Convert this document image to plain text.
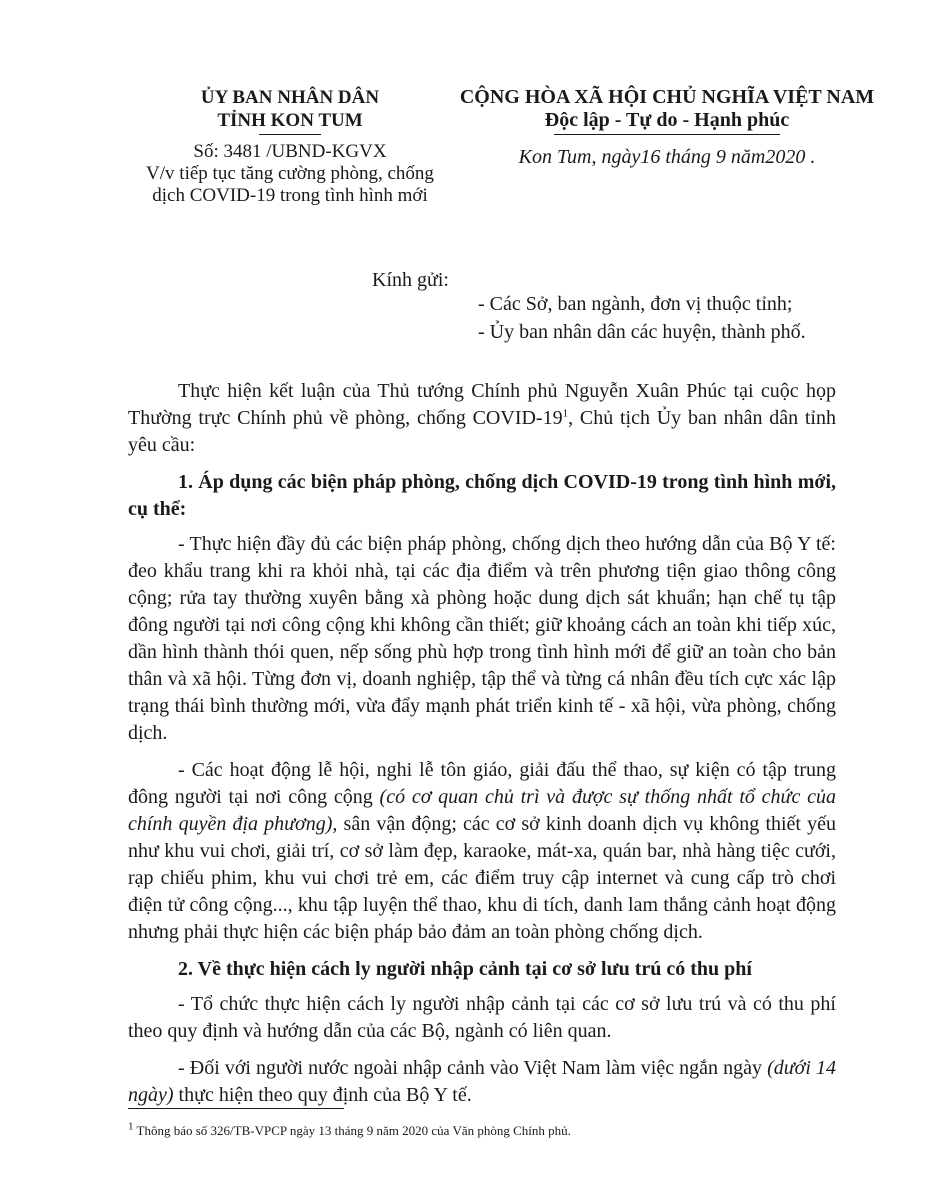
ỦY BAN NHÂN DÂN
TỈNH KON TUM
Số: 3481 /UBND-KGVX
V/v tiếp tục tăng cường phòng, chống
dịch COVID-19 trong tình hình mới
CỘNG HÒA XÃ HỘI CHỦ NGHĨA VIỆT NAM
Độc lập - Tự do - Hạnh phúc
Kon Tum, ngày16 tháng 9 năm2020 .
Kính gửi:
- Các Sở, ban ngành, đơn vị thuộc tỉnh;
- Ủy ban nhân dân các huyện, thành phố.

Thực hiện kết luận của Thủ tướng Chính phủ Nguyễn Xuân Phúc tại cuộc họp Thường trực Chính phủ về phòng, chống COVID-$19^1$, Chủ tịch Ủy ban nhân dân tỉnh yêu cầu:

1. Áp dụng các biện pháp phòng, chống dịch COVID-19 trong tình hình mới, cụ thể:

- Thực hiện đầy đủ các biện pháp phòng, chống dịch theo hướng dẫn của Bộ Y tế: đeo khẩu trang khi ra khỏi nhà, tại các địa điểm và trên phương tiện giao thông công cộng; rửa tay thường xuyên bằng xà phòng hoặc dung dịch sát khuẩn; hạn chế tụ tập đông người tại nơi công cộng khi không cần thiết; giữ khoảng cách an toàn khi tiếp xúc, dần hình thành thói quen, nếp sống phù hợp trong tình hình mới để giữ an toàn cho bản thân và xã hội. Từng đơn vị, doanh nghiệp, tập thể và từng cá nhân đều tích cực xác lập trạng thái bình thường mới, vừa đẩy mạnh phát triển kinh tế - xã hội, vừa phòng, chống dịch.

- Các hoạt động lễ hội, nghi lễ tôn giáo, giải đấu thể thao, sự kiện có tập trung đông người tại nơi công cộng (có cơ quan chủ trì và được sự thống nhất tổ chức của chính quyền địa phương), sân vận động; các cơ sở kinh doanh dịch vụ không thiết yếu như khu vui chơi, giải trí, cơ sở làm đẹp, karaoke, mát-xa, quán bar, nhà hàng tiệc cưới, rạp chiếu phim, khu vui chơi trẻ em, các điểm truy cập internet và cung cấp trò chơi điện tử công cộng..., khu tập luyện thể thao, khu di tích, danh lam thắng cảnh hoạt động nhưng phải thực hiện các biện pháp bảo đảm an toàn phòng chống dịch.

2. Về thực hiện cách ly người nhập cảnh tại cơ sở lưu trú có thu phí

- Tổ chức thực hiện cách ly người nhập cảnh tại các cơ sở lưu trú và có thu phí theo quy định và hướng dẫn của các Bộ, ngành có liên quan.

- Đối với người nước ngoài nhập cảnh vào Việt Nam làm việc ngắn ngày (dưới 14 ngày) thực hiện theo quy định của Bộ Y tế.

$^1$ Thông báo số 326/TB-VPCP ngày 13 tháng 9 năm 2020 của Văn phòng Chính phủ.
